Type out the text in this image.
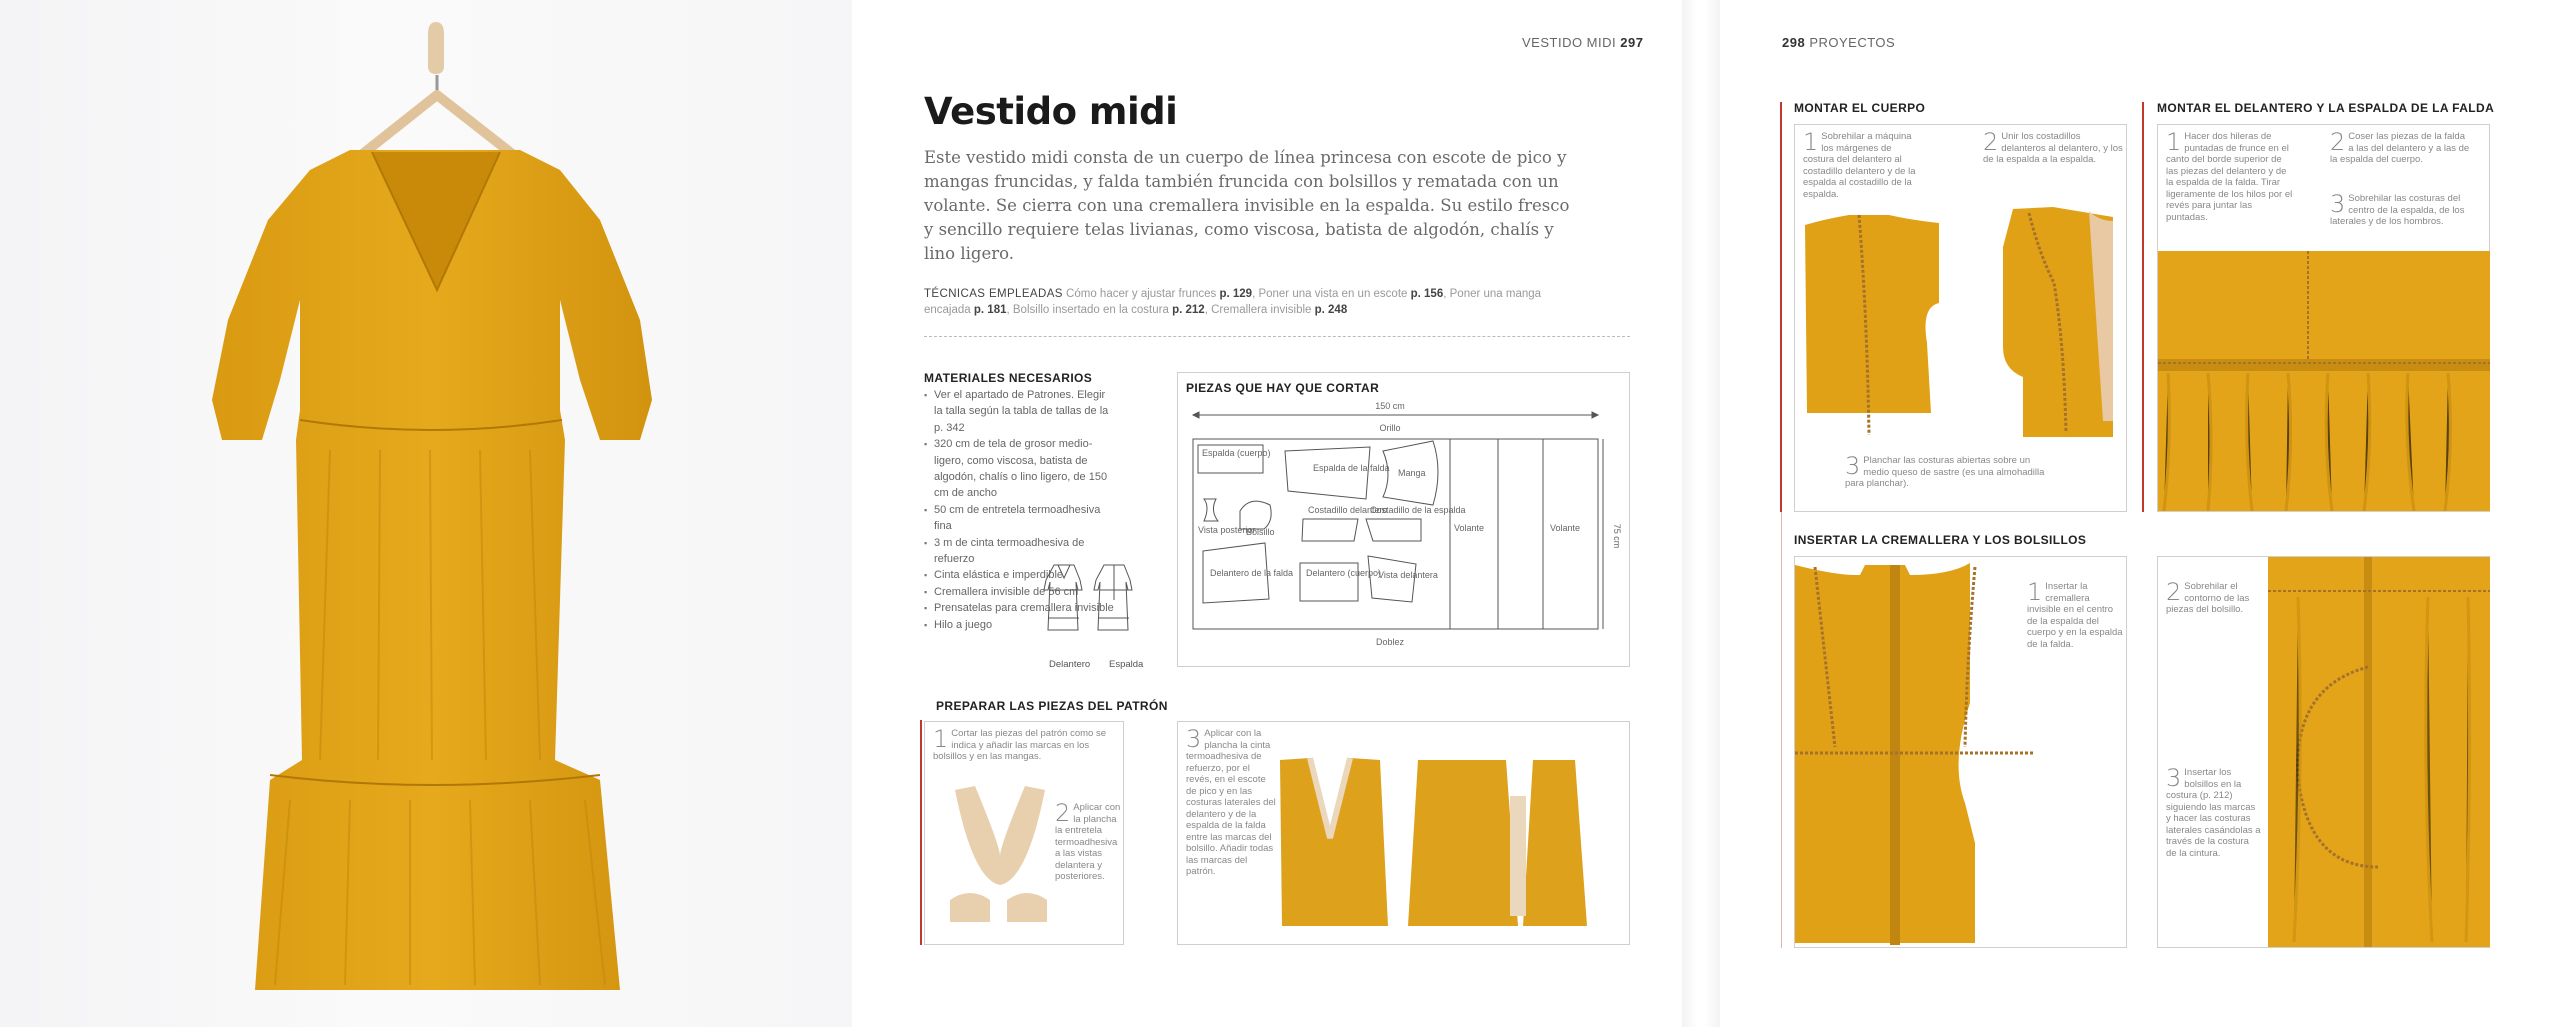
VESTIDO MIDI 297
Vestido midi

Este vestido midi consta de un cuerpo de línea princesa con escote de pico y mangas fruncidas, y falda también fruncida con bolsillos y rematada con un volante. Se cierra con una cremallera invisible en la espalda. Su estilo fresco y sencillo requiere telas livianas, como viscosa, batista de algodón, chalís y lino ligero.

TÉCNICAS EMPLEADAS Cómo hacer y ajustar frunces p. 129, Poner una vista en un escote p. 156, Poner una manga encajada p. 181, Bolsillo insertado en la costura p. 212, Cremallera invisible p. 248
MATERIALES NECESARIOS
▪ Ver el apartado de Patrones. Elegir la talla según la tabla de tallas de la p. 342
▪ 320 cm de tela de grosor medio-ligero, como viscosa, batista de algodón, chalís o lino ligero, de 150 cm de ancho
▪ 50 cm de entretela termoadhesiva fina
▪ 3 m de cinta termoadhesiva de refuerzo
▪ Cinta elástica e imperdible
▪ Cremallera invisible de 56 cm
▪ Prensatelas para cremallera invisible
▪ Hilo a juego
Delantero Espalda
PIEZAS QUE HAY QUE CORTAR
150 cm
Orillo
75 cm
Doblez
Espalda (cuerpo)
Espalda de la falda Manga
Vista posterior
Bolsillo
Costadillo delantero
Costadillo de la espalda
Volante	Volante
Delantero de la falda Delantero (cuerpo)
Vista delantera
PREPARAR LAS PIEZAS DEL PATRÓN
1 Cortar las piezas del patrón como se indica y añadir las marcas en los bolsillos y en las mangas.
2 Aplicar con la plancha la entretela termoadhesiva a las vistas delantera y posteriores.
3 Aplicar con la plancha la cinta termoadhesiva de refuerzo, por el revés, en el escote de pico y en las costuras laterales del delantero y de la espalda de la falda entre las marcas del bolsillo. Añadir todas las marcas del patrón.
298 PROYECTOS
MONTAR EL CUERPO
1 Sobrehilar a máquina los márgenes de costura del delantero al costadillo delantero y de la espalda al costadillo de la espalda.
2 Unir los costadillos delanteros al delantero, y los de la espalda a la espalda.
3 Planchar las costuras abiertas sobre un medio queso de sastre (es una almohadilla para planchar).
MONTAR EL DELANTERO Y LA ESPALDA DE LA FALDA
1 Hacer dos hileras de puntadas de frunce en el canto del borde superior de las piezas del delantero y de la espalda de la falda. Tirar ligeramente de los hilos por el revés para juntar las puntadas.
2 Coser las piezas de la falda a las del delantero y a las de la espalda del cuerpo.
3 Sobrehilar las costuras del centro de la espalda, de los laterales y de los hombros.
INSERTAR LA CREMALLERA Y LOS BOLSILLOS
1 Insertar la cremallera invisible en el centro de la espalda del cuerpo y en la espalda de la falda.
2 Sobrehilar el contorno de las piezas del bolsillo.
3 Insertar los bolsillos en la costura (p. 212) siguiendo las marcas y hacer las costuras laterales casándolas a través de la costura de la cintura.
